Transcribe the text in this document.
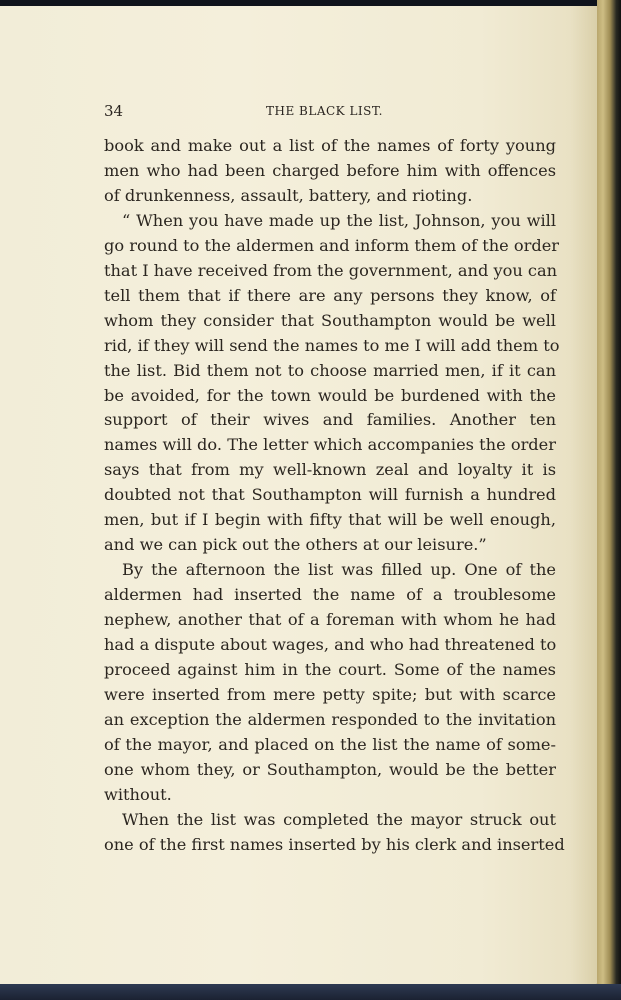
34	THE BLACK LIST.
book and make out a list of the names of forty young
men who had been charged before him with offences
of drunkenness, assault, battery, and rioting.
“ When you have made up the list, Johnson, you will
go round to the aldermen and inform them of the order
that I have received from the government, and you can
tell them that if there are any persons they know, of
whom they consider that Southampton would be well
rid, if they will send the names to me I will add them to
the list. Bid them not to choose married men, if it can
be avoided, for the town would be burdened with the
support of their wives and families. Another ten
names will do. The letter which accompanies the order
says that from my well-known zeal and loyalty it is
doubted not that Southampton will furnish a hundred
men, but if I begin with fifty that will be well enough,
and we can pick out the others at our leisure.”
By the afternoon the list was filled up. One of the
aldermen had inserted the name of a troublesome
nephew, another that of a foreman with whom he had
had a dispute about wages, and who had threatened to
proceed against him in the court. Some of the names
were inserted from mere petty spite; but with scarce
an exception the aldermen responded to the invitation
of the mayor, and placed on the list the name of some-
one whom they, or Southampton, would be the better
without.
When the list was completed the mayor struck out
one of the first names inserted by his clerk and inserted
